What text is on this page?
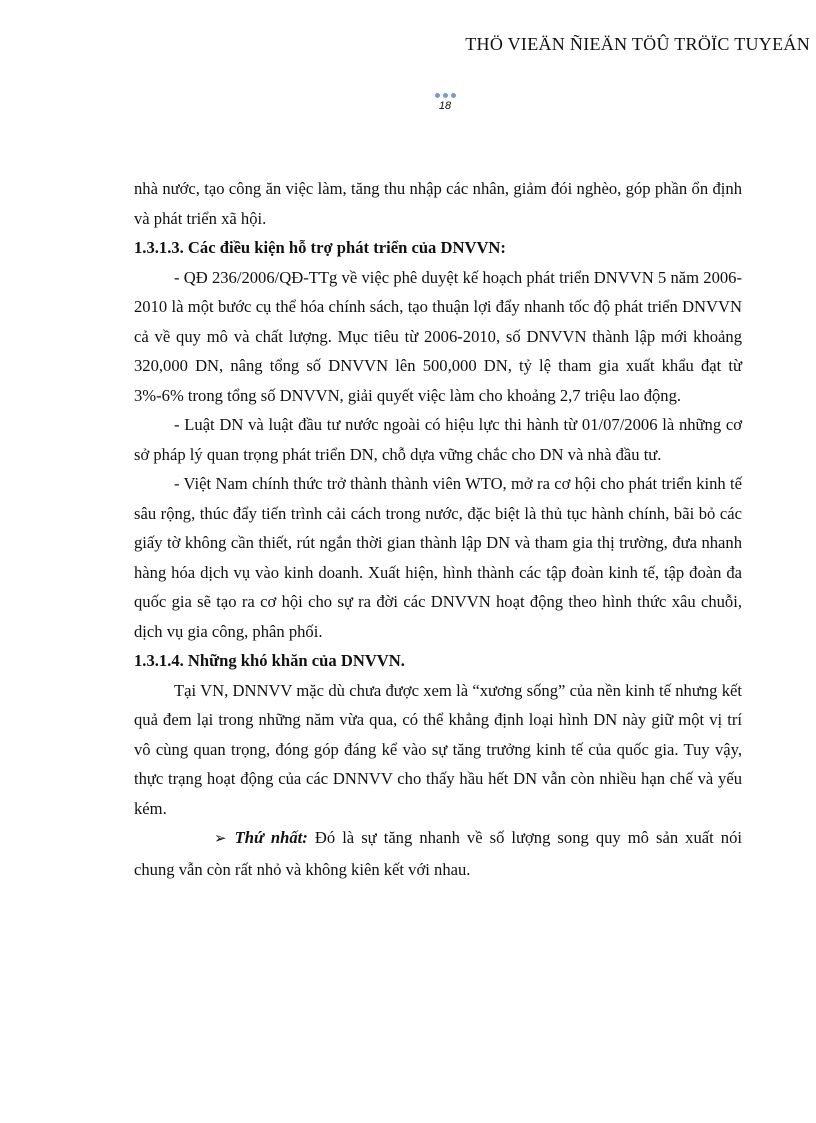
THÖ VIEÄN ÑIEÄN TÖÛ TRÖÏC TUYEÁN
18

nhà nước, tạo công ăn việc làm, tăng thu nhập các nhân, giảm đói nghèo, góp phần ổn định và phát triển xã hội.

1.3.1.3. Các điều kiện hỗ trợ phát triển của DNVVN:

- QĐ 236/2006/QĐ-TTg về việc phê duyệt kế hoạch phát triển DNVVN 5 năm 2006-2010 là một bước cụ thể hóa chính sách, tạo thuận lợi đẩy nhanh tốc độ phát triển DNVVN cả về quy mô và chất lượng. Mục tiêu từ 2006-2010, số DNVVN thành lập mới khoảng 320,000 DN, nâng tổng số DNVVN lên 500,000 DN, tỷ lệ tham gia xuất khẩu đạt từ 3%-6% trong tổng số DNVVN, giải quyết việc làm cho khoảng 2,7 triệu lao động.

- Luật DN và luật đầu tư nước ngoài có hiệu lực thi hành từ 01/07/2006 là những cơ sở pháp lý quan trọng phát triển DN, chỗ dựa vững chắc cho DN và nhà đầu tư.

- Việt Nam chính thức trở thành thành viên WTO, mở ra cơ hội cho phát triển kinh tế sâu rộng, thúc đẩy tiến trình cải cách trong nước, đặc biệt là thủ tục hành chính, bãi bỏ các giấy tờ không cần thiết, rút ngắn thời gian thành lập DN và tham gia thị trường, đưa nhanh hàng hóa dịch vụ vào kinh doanh. Xuất hiện, hình thành các tập đoàn kinh tế, tập đoàn đa quốc gia sẽ tạo ra cơ hội cho sự ra đời các DNVVN hoạt động theo hình thức xâu chuỗi, dịch vụ gia công, phân phối.

1.3.1.4. Những khó khăn của DNVVN.

Tại VN, DNNVV mặc dù chưa được xem là “xương sống” của nền kinh tế nhưng kết quả đem lại trong những năm vừa qua, có thể khẳng định loại hình DN này giữ một vị trí vô cùng quan trọng, đóng góp đáng kể vào sự tăng trưởng kinh tế của quốc gia. Tuy vậy, thực trạng hoạt động của các DNNVV cho thấy hầu hết DN vẫn còn nhiều hạn chế và yếu kém.

➢ Thứ nhất: Đó là sự tăng nhanh về số lượng song quy mô sản xuất nói chung vẫn còn rất nhỏ và không kiên kết với nhau.
